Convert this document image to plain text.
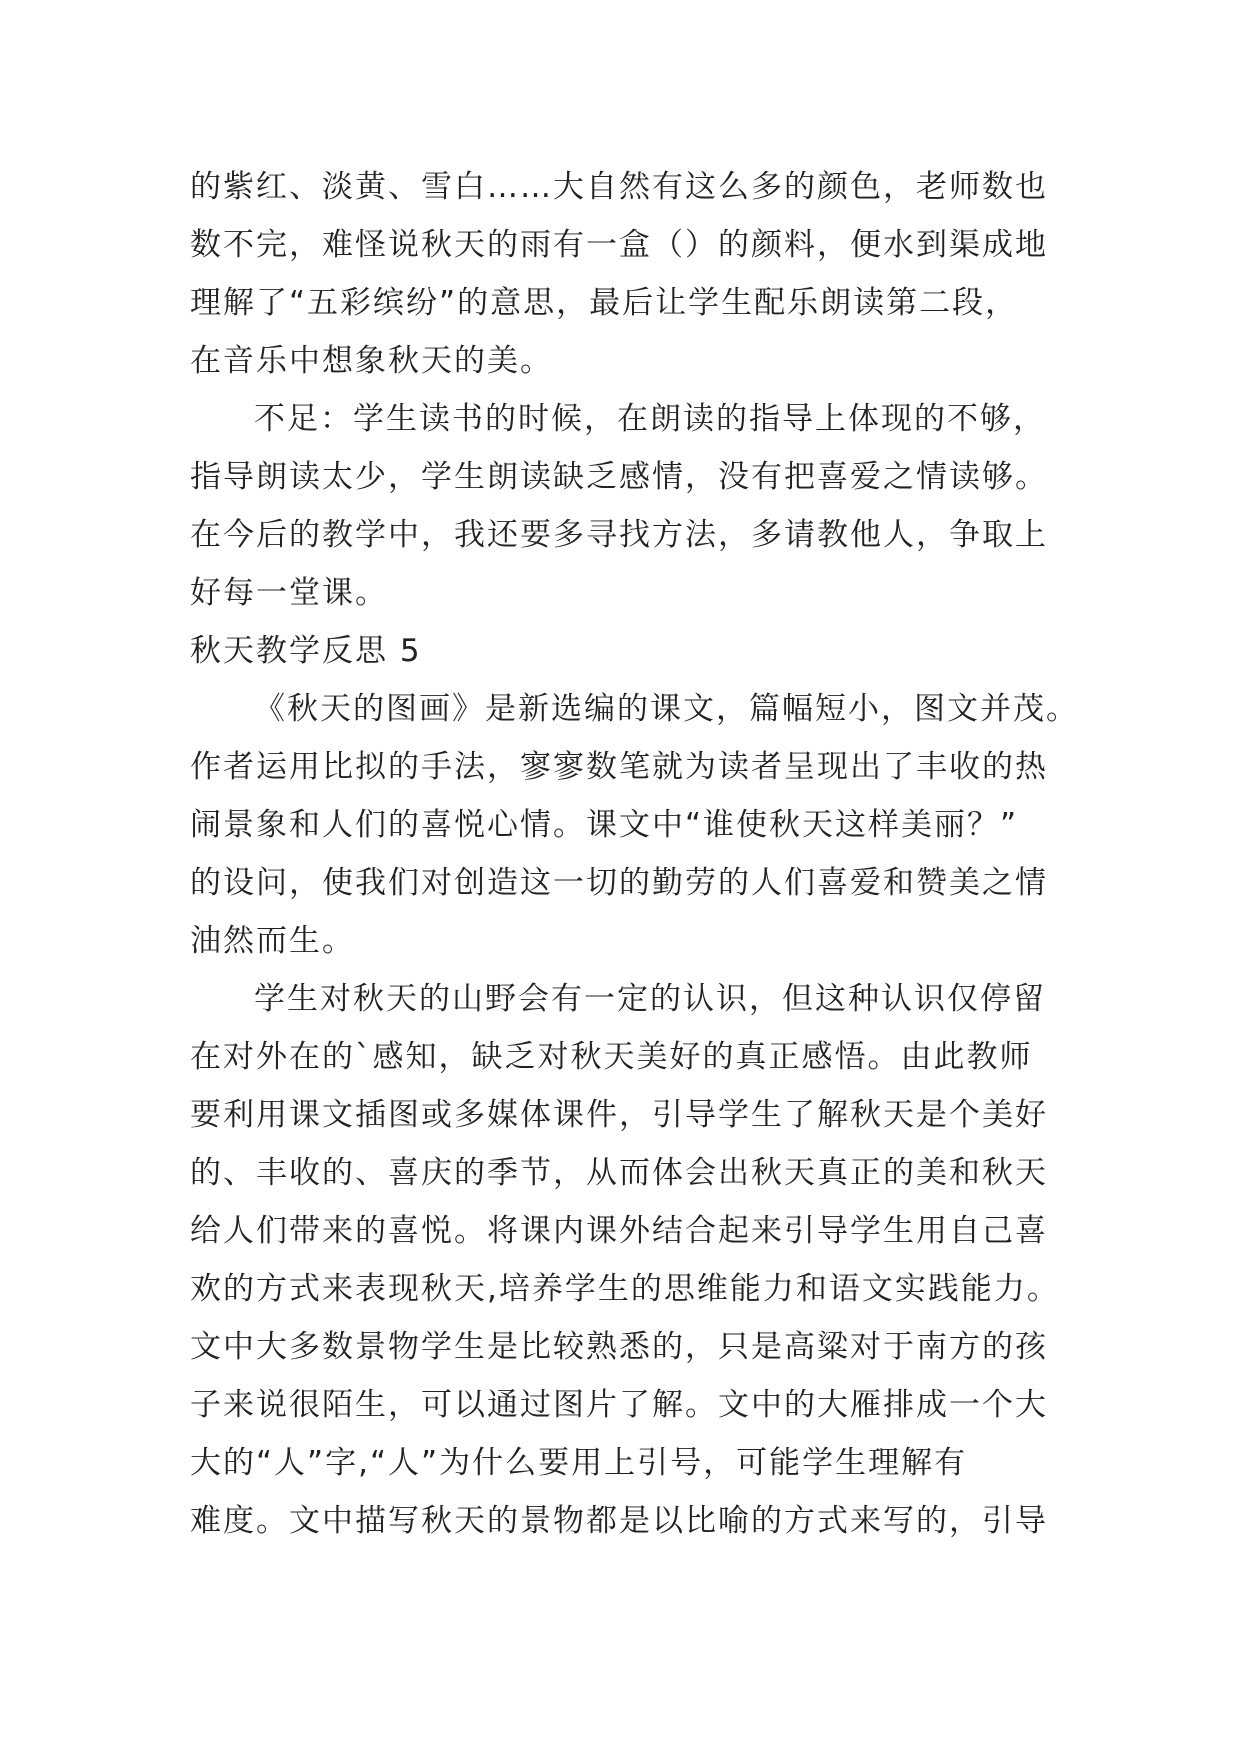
的紫红、淡黄、雪白……大自然有这么多的颜色，老师数也
数不完，难怪说秋天的雨有一盒（）的颜料，便水到渠成地
理解了“五彩缤纷”的意思，最后让学生配乐朗读第二段，
在音乐中想象秋天的美。
不足：学生读书的时候，在朗读的指导上体现的不够，
指导朗读太少，学生朗读缺乏感情，没有把喜爱之情读够。
在今后的教学中，我还要多寻找方法，多请教他人，争取上
好每一堂课。
秋天教学反思 5
《秋天的图画》是新选编的课文，篇幅短小，图文并茂。
作者运用比拟的手法，寥寥数笔就为读者呈现出了丰收的热
闹景象和人们的喜悦心情。课文中“谁使秋天这样美丽？”
的设问，使我们对创造这一切的勤劳的人们喜爱和赞美之情
油然而生。
学生对秋天的山野会有一定的认识，但这种认识仅停留
在对外在的`感知，缺乏对秋天美好的真正感悟。由此教师
要利用课文插图或多媒体课件，引导学生了解秋天是个美好
的、丰收的、喜庆的季节，从而体会出秋天真正的美和秋天
给人们带来的喜悦。将课内课外结合起来引导学生用自己喜
欢的方式来表现秋天,培养学生的思维能力和语文实践能力。
文中大多数景物学生是比较熟悉的，只是高粱对于南方的孩
子来说很陌生，可以通过图片了解。文中的大雁排成一个大
大的“人”字,“人”为什么要用上引号，可能学生理解有
难度。文中描写秋天的景物都是以比喻的方式来写的，引导
